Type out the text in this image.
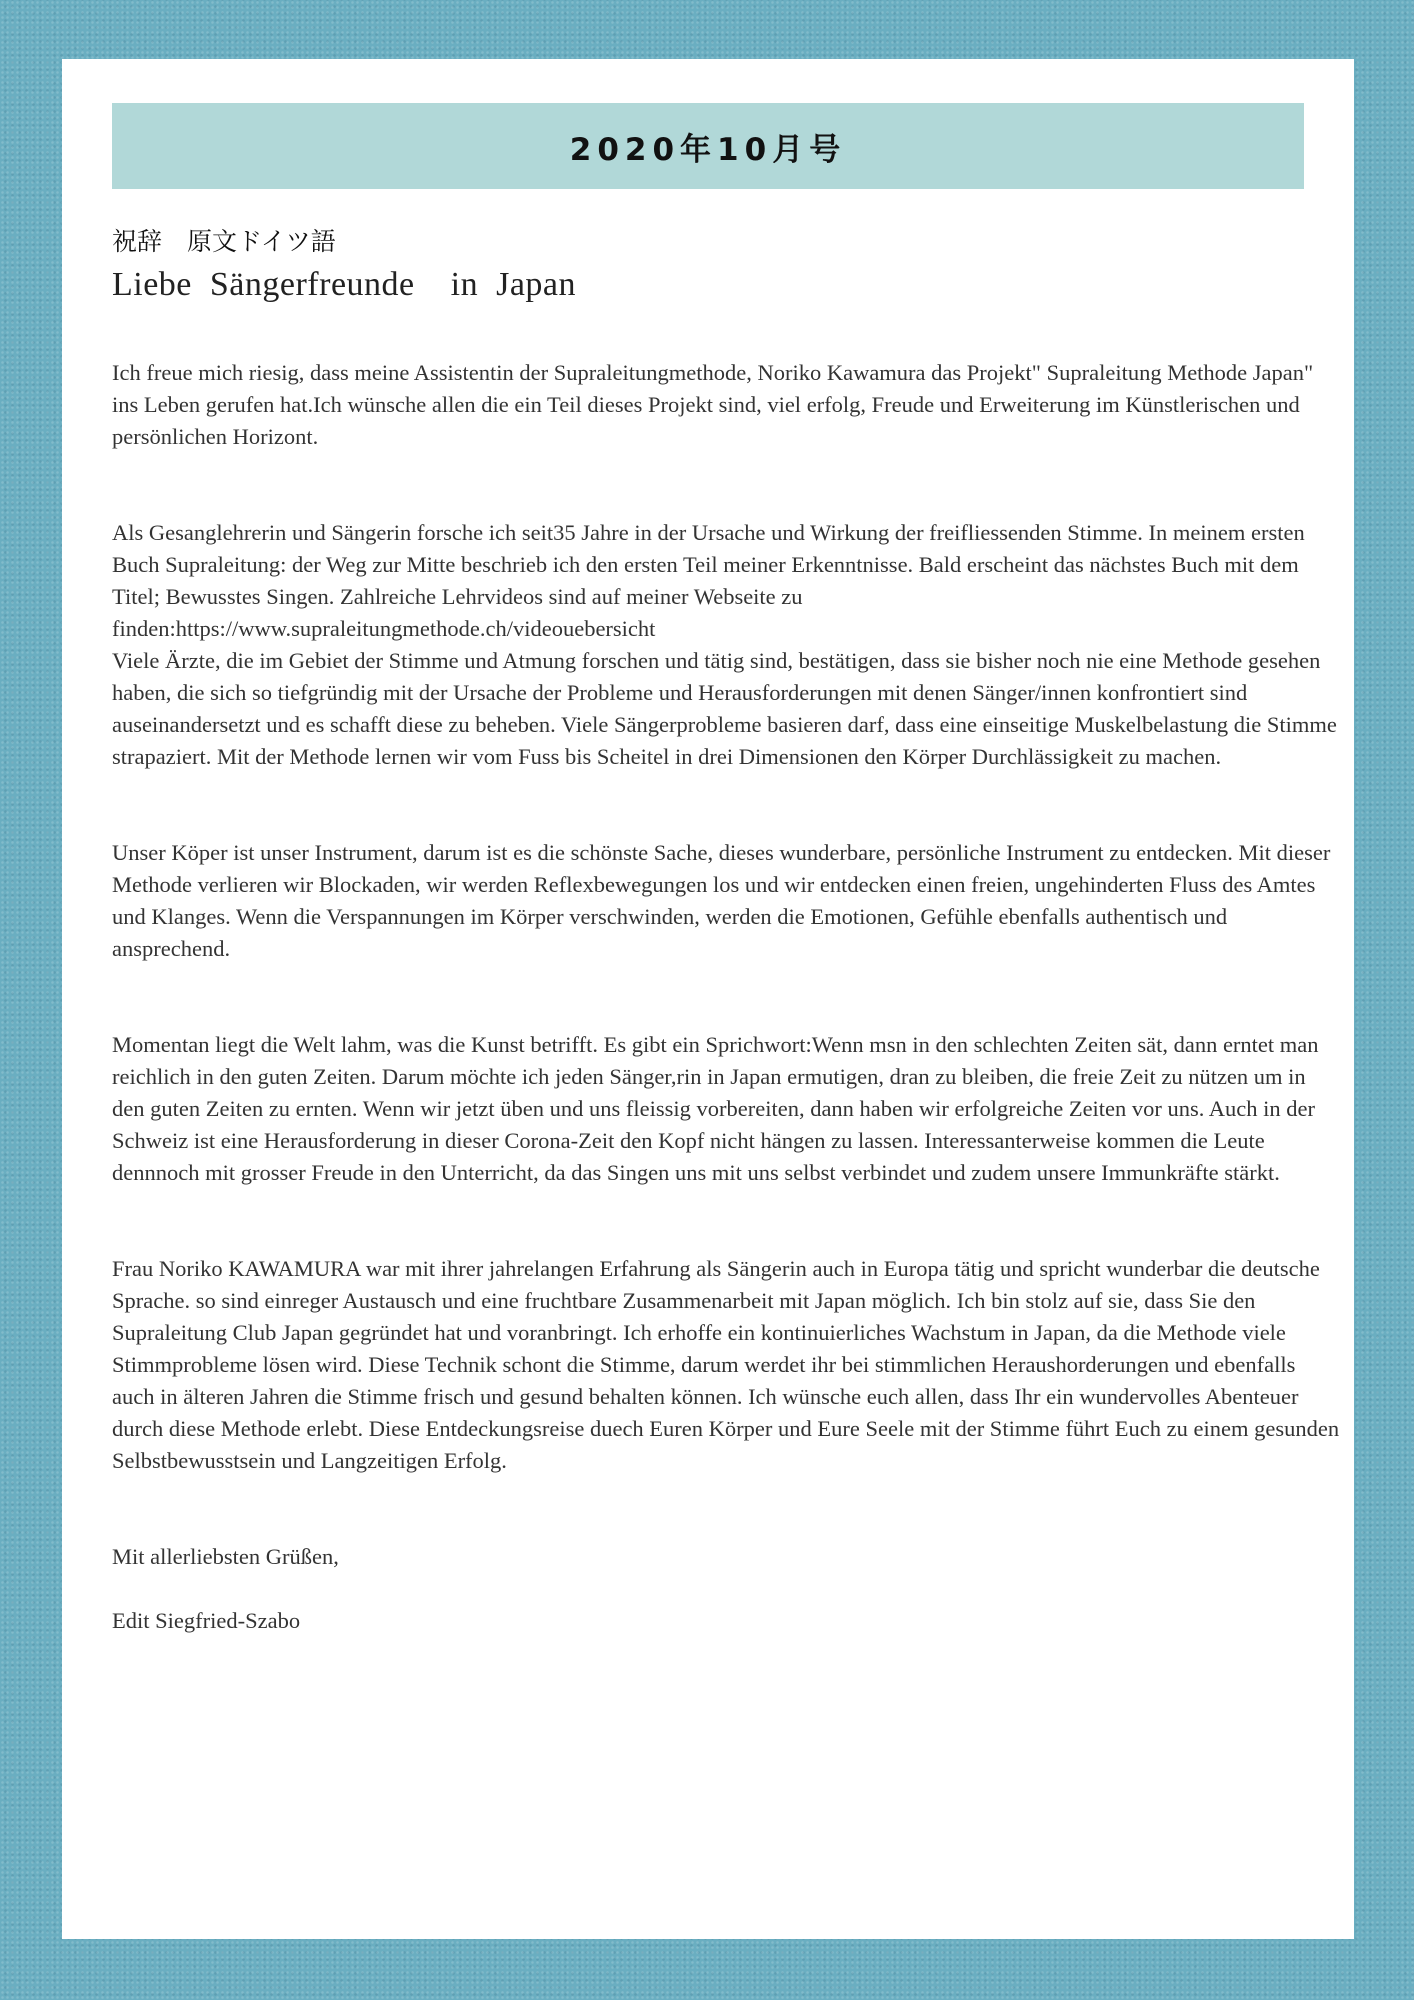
2020年10月号
祝辞　原文ドイツ語
Liebe  Sängerfreunde    in  Japan

Ich freue mich riesig, dass meine Assistentin der Supraleitungmethode, Noriko Kawamura das Projekt" Supraleitung Methode Japan" ins Leben gerufen hat.Ich wünsche allen die ein Teil dieses Projekt sind, viel erfolg, Freude und Erweiterung im Künstlerischen und persönlichen Horizont.

Als Gesanglehrerin und Sängerin forsche ich seit35 Jahre in der Ursache und Wirkung der freifliessenden Stimme. In meinem ersten Buch Supraleitung: der Weg zur Mitte beschrieb ich den ersten Teil meiner Erkenntnisse. Bald erscheint das nächstes Buch mit dem Titel; Bewusstes Singen. Zahlreiche Lehrvideos sind auf meiner Webseite zu finden:https://www.supraleitungmethode.ch/videouebersicht
Viele Ärzte, die im Gebiet der Stimme und Atmung forschen und tätig sind, bestätigen, dass sie bisher noch nie eine Methode gesehen haben, die sich so tiefgründig mit der Ursache der Probleme und Herausforderungen mit denen Sänger/innen konfrontiert sind auseinandersetzt und es schafft diese zu beheben. Viele Sängerprobleme basieren darf, dass eine einseitige Muskelbelastung die Stimme strapaziert. Mit der Methode lernen wir vom Fuss bis Scheitel in drei Dimensionen den Körper Durchlässigkeit zu machen.

Unser Köper ist unser Instrument, darum ist es die schönste Sache, dieses wunderbare, persönliche Instrument zu entdecken. Mit dieser Methode verlieren wir Blockaden, wir werden Reflexbewegungen los und wir entdecken einen freien, ungehinderten Fluss des Amtes und Klanges. Wenn die Verspannungen im Körper verschwinden, werden die Emotionen, Gefühle ebenfalls authentisch und ansprechend.

Momentan liegt die Welt lahm, was die Kunst betrifft. Es gibt ein Sprichwort:Wenn msn in den schlechten Zeiten sät, dann erntet man reichlich in den guten Zeiten. Darum möchte ich jeden Sänger,rin in Japan ermutigen, dran zu bleiben, die freie Zeit zu nützen um in den guten Zeiten zu ernten. Wenn wir jetzt üben und uns fleissig vorbereiten, dann haben wir erfolgreiche Zeiten vor uns. Auch in der Schweiz ist eine Herausforderung in dieser Corona-Zeit den Kopf nicht hängen zu lassen. Interessanterweise kommen die Leute dennnoch mit grosser Freude in den Unterricht, da das Singen uns mit uns selbst verbindet und zudem unsere Immunkräfte stärkt.

Frau Noriko KAWAMURA war mit ihrer jahrelangen Erfahrung als Sängerin auch in Europa tätig und spricht wunderbar die deutsche Sprache. so sind einreger Austausch und eine fruchtbare Zusammenarbeit mit Japan möglich. Ich bin stolz auf sie, dass Sie den Supraleitung Club Japan gegründet hat und voranbringt. Ich erhoffe ein kontinuierliches Wachstum in Japan, da die Methode viele Stimmprobleme lösen wird. Diese Technik schont die Stimme, darum werdet ihr bei stimmlichen Heraushorderungen und ebenfalls auch in älteren Jahren die Stimme frisch und gesund behalten können. Ich wünsche euch allen, dass Ihr ein wundervolles Abenteuer durch diese Methode erlebt. Diese Entdeckungsreise duech Euren Körper und Eure Seele mit der Stimme führt Euch zu einem gesunden Selbstbewusstsein und Langzeitigen Erfolg.

Mit allerliebsten Grüßen,

Edit Siegfried-Szabo
